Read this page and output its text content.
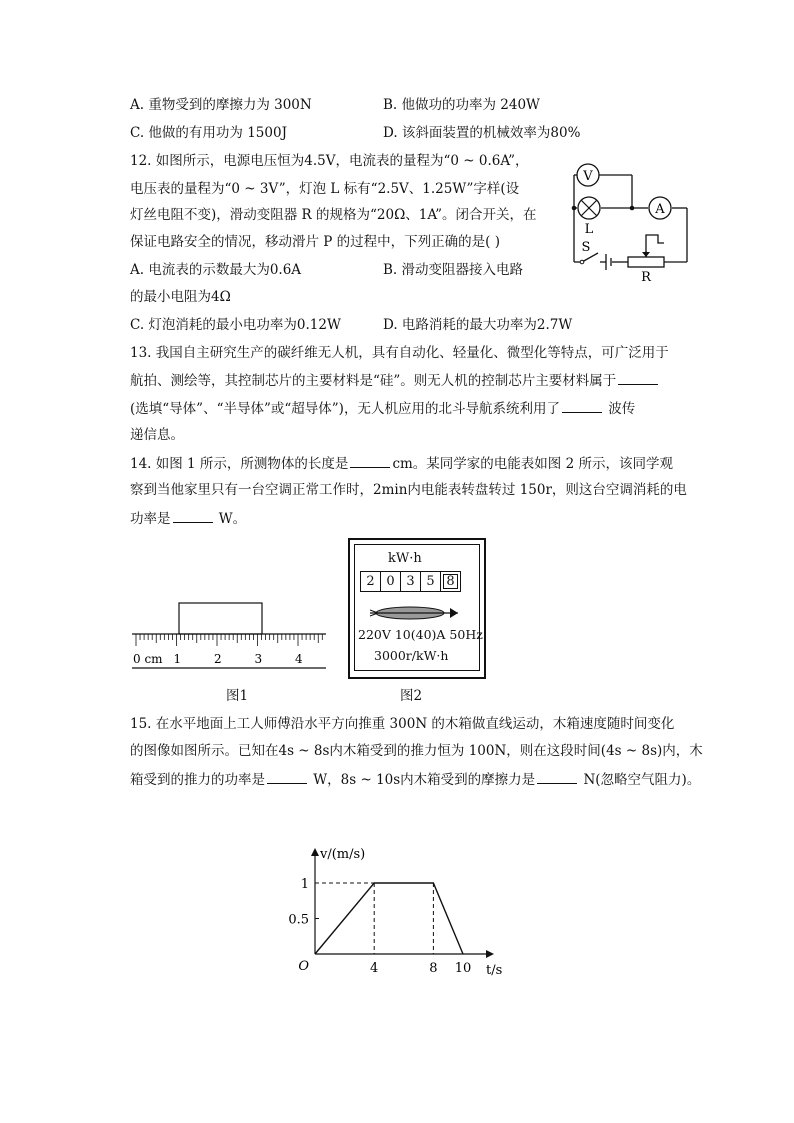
A. 重物受到的摩擦力为 300N	B. 他做功的功率为 240W
C. 他做的有用功为 1500J	D. 该斜面装置的机械效率为80%
12. 如图所示，电源电压恒为4.5V，电流表的量程为“0 ~ 0.6A”，
电压表的量程为“0 ~ 3V”，灯泡 L 标有“2.5V、1.25W”字样(设
灯丝电阻不变)，滑动变阻器 R 的规格为“20Ω、1A”。闭合开关，在
保证电路安全的情况，移动滑片 P 的过程中，下列正确的是( )
A. 电流表的示数最大为0.6A	B. 滑动变阻器接入电路
的最小电阻为4Ω
C. 灯泡消耗的最小电功率为0.12W	D. 电路消耗的最大功率为2.7W
V
L
A
S
R
13. 我国自主研究生产的碳纤维无人机，具有自动化、轻量化、微型化等特点，可广泛用于
航拍、测绘等，其控制芯片的主要材料是“硅”。则无人机的控制芯片主要材料属于
(选填“导体”、“半导体”或“超导体”)，无人机应用的北斗导航系统利用了	波传
递信息。
14. 如图 1 所示，所测物体的长度是	cm。某同学家的电能表如图 2 所示，该同学观
察到当他家里只有一台空调正常工作时，2min内电能表转盘转过 150r，则这台空调消耗的电
功率是	W。
0 cm 1	2	3	4
图1
kW·h
2 0 3 5 8
220V 10(40)A 50Hz
3000r/kW·h
图2
15. 在水平地面上工人师傅沿水平方向推重 300N 的木箱做直线运动，木箱速度随时间变化
的图像如图所示。已知在4s ~ 8s内木箱受到的推力恒为 100N，则在这段时间(4s ~ 8s)内，木
箱受到的推力的功率是	W，8s ~ 10s内木箱受到的摩擦力是	N(忽略空气阻力)。
v/(m/s)
t/s
O
0.5
1
4	8 10
